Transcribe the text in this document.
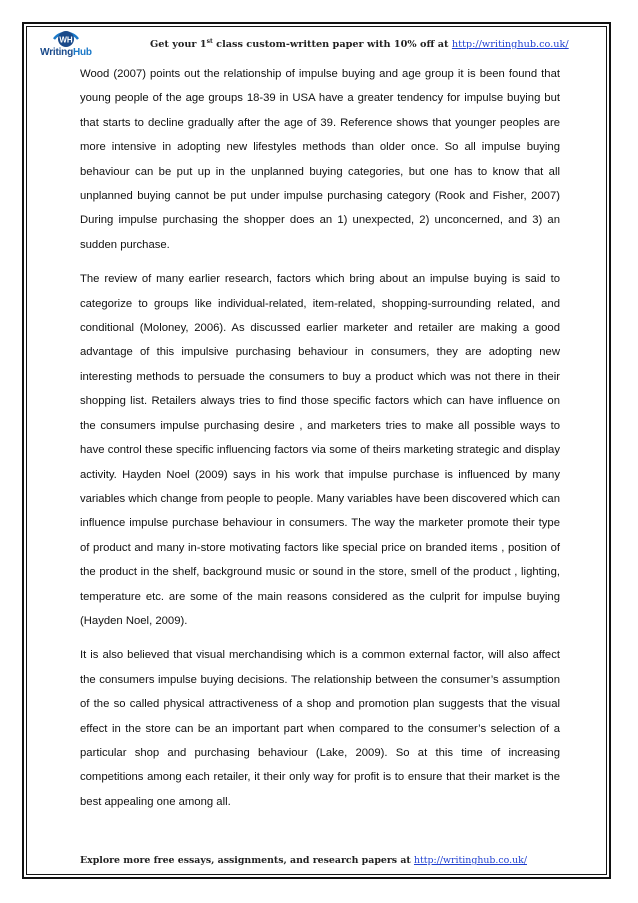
WH
WritingHub
Get your 1st class custom-written paper with 10% off at http://writinghub.co.uk/

Wood (2007) points out the relationship of impulse buying and age group it is been found that young people of the age groups 18-39 in USA have a greater tendency for impulse buying but that starts to decline gradually after the age of 39. Reference shows that younger peoples are more intensive in adopting new lifestyles methods than older once. So all impulse buying behaviour can be put up in the unplanned buying categories, but one has to know that all unplanned buying cannot be put under impulse purchasing category (Rook and Fisher, 2007) During impulse purchasing the shopper does an 1) unexpected, 2) unconcerned, and 3) an sudden purchase.

The review of many earlier research, factors which bring about an impulse buying is said to categorize to groups like individual-related, item-related, shopping-surrounding related, and conditional (Moloney, 2006). As discussed earlier marketer and retailer are making a good advantage of this impulsive purchasing behaviour in consumers, they are adopting new interesting methods to persuade the consumers to buy a product which was not there in their shopping list. Retailers always tries to find those specific factors which can have influence on the consumers impulse purchasing desire , and marketers tries to make all possible ways to have control these specific influencing factors via some of theirs marketing strategic and display activity. Hayden Noel (2009) says in his work that impulse purchase is influenced by many variables which change from people to people. Many variables have been discovered which can influence impulse purchase behaviour in consumers. The way the marketer promote their type of product and many in-store motivating factors like special price on branded items , position of the product in the shelf, background music or sound in the store, smell of the product , lighting, temperature etc. are some of the main reasons considered as the culprit for impulse buying (Hayden Noel, 2009).

It is also believed that visual merchandising which is a common external factor, will also affect the consumers impulse buying decisions. The relationship between the consumer’s assumption of the so called physical attractiveness of a shop and promotion plan suggests that the visual effect in the store can be an important part when compared to the consumer’s selection of a particular shop and purchasing behaviour (Lake, 2009). So at this time of increasing competitions among each retailer, it their only way for profit is to ensure that their market is the best appealing one among all.

Explore more free essays, assignments, and research papers at http://writinghub.co.uk/
